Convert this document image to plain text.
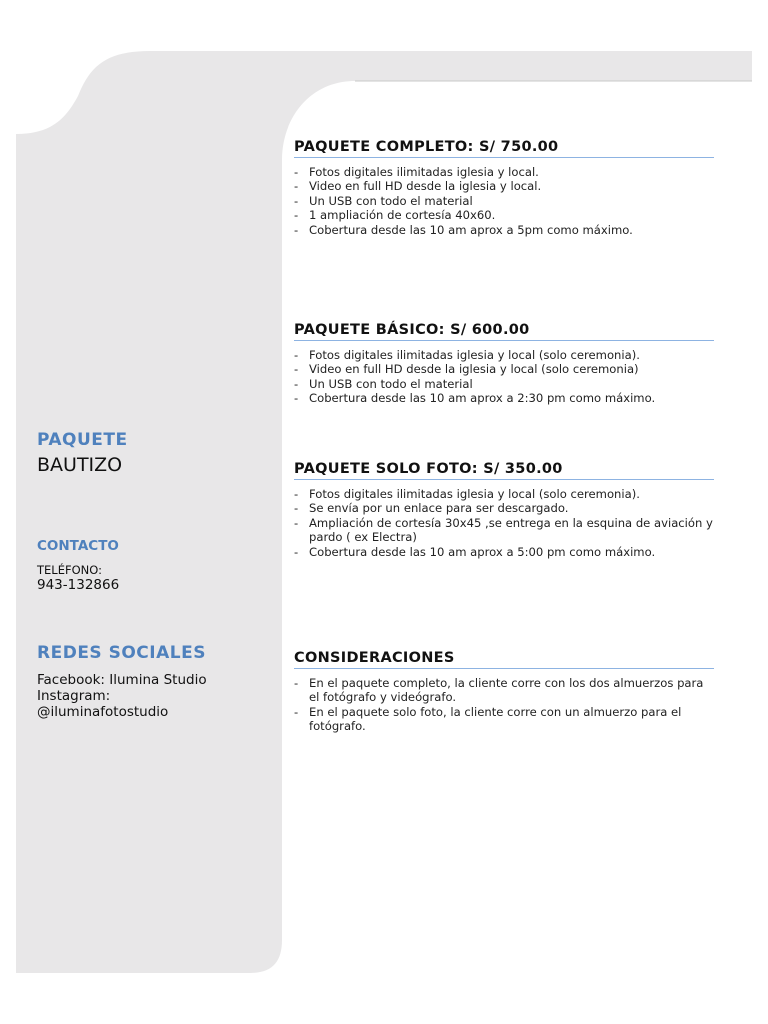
PAQUETE

BAUTIZO

CONTACTO

TELÉFONO:

943-132866

REDES SOCIALES

Facebook: Ilumina Studio

Instagram:

@iluminafotostudio

PAQUETE COMPLETO: S/ 750.00
- Fotos digitales ilimitadas iglesia y local.
- Video en full HD desde la iglesia y local.
- Un USB con todo el material
- 1 ampliación de cortesía 40x60.
- Cobertura desde las 10 am aprox a 5pm como máximo.
PAQUETE BÁSICO: S/ 600.00
- Fotos digitales ilimitadas iglesia y local (solo ceremonia).
- Video en full HD desde la iglesia y local (solo ceremonia)
- Un USB con todo el material
- Cobertura desde las 10 am aprox a 2:30 pm como máximo.
PAQUETE SOLO FOTO: S/ 350.00
- Fotos digitales ilimitadas iglesia y local (solo ceremonia).
- Se envía por un enlace para ser descargado.
- Ampliación de cortesía 30x45 ,se entrega en la esquina de aviación y pardo ( ex Electra)
- Cobertura desde las 10 am aprox a 5:00 pm como máximo.
CONSIDERACIONES
- En el paquete completo, la cliente corre con los dos almuerzos para el fotógrafo y videógrafo.
- En el paquete solo foto, la cliente corre con un almuerzo para el fotógrafo.
